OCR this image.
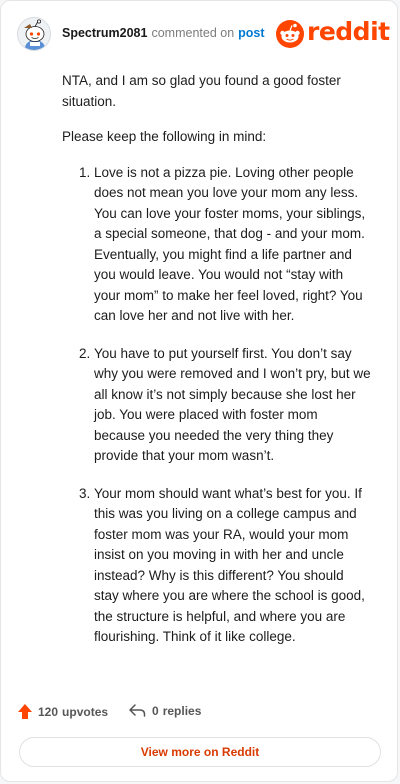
Spectrum2081 commented on post reddit

NTA, and I am so glad you found a good foster situation.

Please keep the following in mind:

1. Love is not a pizza pie. Loving other people does not mean you love your mom any less. You can love your foster moms, your siblings, a special someone, that dog - and your mom. Eventually, you might find a life partner and you would leave. You would not “stay with your mom” to make her feel loved, right? You can love her and not live with her.
2. You have to put yourself first. You don’t say why you were removed and I won’t pry, but we all know it’s not simply because she lost her job. You were placed with foster mom because you needed the very thing they provide that your mom wasn’t.
3. Your mom should want what’s best for you. If this was you living on a college campus and foster mom was your RA, would your mom insist on you moving in with her and uncle instead? Why is this different? You should stay where you are where the school is good, the structure is helpful, and where you are flourishing. Think of it like college.
120 upvotes	0 replies
View more on Reddit
